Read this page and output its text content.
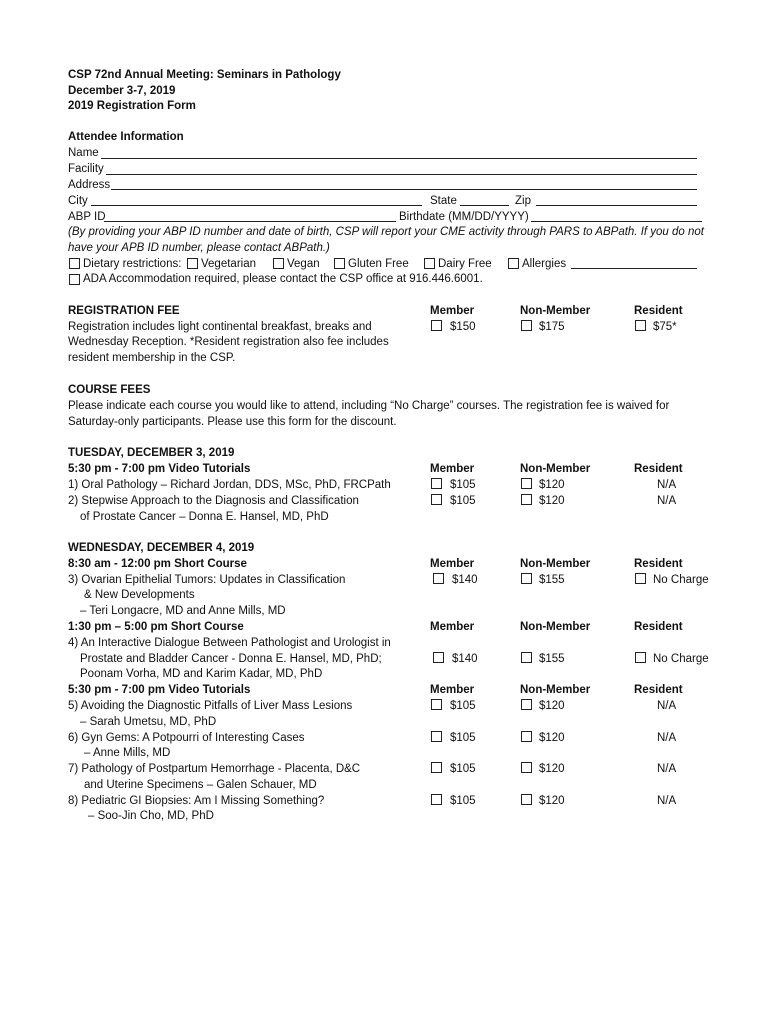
CSP 72nd Annual Meeting: Seminars in Pathology
December 3-7, 2019
2019 Registration Form
Attendee Information
Name
Facility
Address
City	State	Zip
ABP ID	Birthdate (MM/DD/YYYY)
(By providing your ABP ID number and date of birth, CSP will report your CME activity through PARS to ABPath. If you do not
have your APB ID number, please contact ABPath.)
Dietary restrictions: Vegetarian	Vegan Gluten Free	Dairy Free	Allergies
ADA Accommodation required, please contact the CSP office at 916.446.6001.
REGISTRATION FEE	Member	Non-Member	Resident
Registration includes light continental breakfast, breaks and
Wednesday Reception. *Resident registration also fee includes
resident membership in the CSP.
$150	$175	$75*
COURSE FEES
Please indicate each course you would like to attend, including “No Charge” courses. The registration fee is waived for
Saturday-only participants. Please use this form for the discount.
TUESDAY, DECEMBER 3, 2019
5:30 pm - 7:00 pm Video Tutorials	Member	Non-Member	Resident
1) Oral Pathology – Richard Jordan, DDS, MSc, PhD, FRCPath	$105	$120	N/A
2) Stepwise Approach to the Diagnosis and Classification
of Prostate Cancer – Donna E. Hansel, MD, PhD
$105	$120	N/A
WEDNESDAY, DECEMBER 4, 2019
8:30 am - 12:00 pm Short Course	Member	Non-Member	Resident
3) Ovarian Epithelial Tumors: Updates in Classification
& New Developments
– Teri Longacre, MD and Anne Mills, MD
$140	$155	No Charge
1:30 pm – 5:00 pm Short Course	Member	Non-Member	Resident
4) An Interactive Dialogue Between Pathologist and Urologist in
Prostate and Bladder Cancer - Donna E. Hansel, MD, PhD;
Poonam Vorha, MD and Karim Kadar, MD, PhD
$140	$155	No Charge
5:30 pm - 7:00 pm Video Tutorials	Member	Non-Member	Resident
5) Avoiding the Diagnostic Pitfalls of Liver Mass Lesions
– Sarah Umetsu, MD, PhD
$105	$120	N/A
6) Gyn Gems: A Potpourri of Interesting Cases
– Anne Mills, MD
$105	$120	N/A
7) Pathology of Postpartum Hemorrhage - Placenta, D&C
and Uterine Specimens – Galen Schauer, MD
$105	$120	N/A
8) Pediatric GI Biopsies: Am I Missing Something?
– Soo-Jin Cho, MD, PhD
$105	$120	N/A
